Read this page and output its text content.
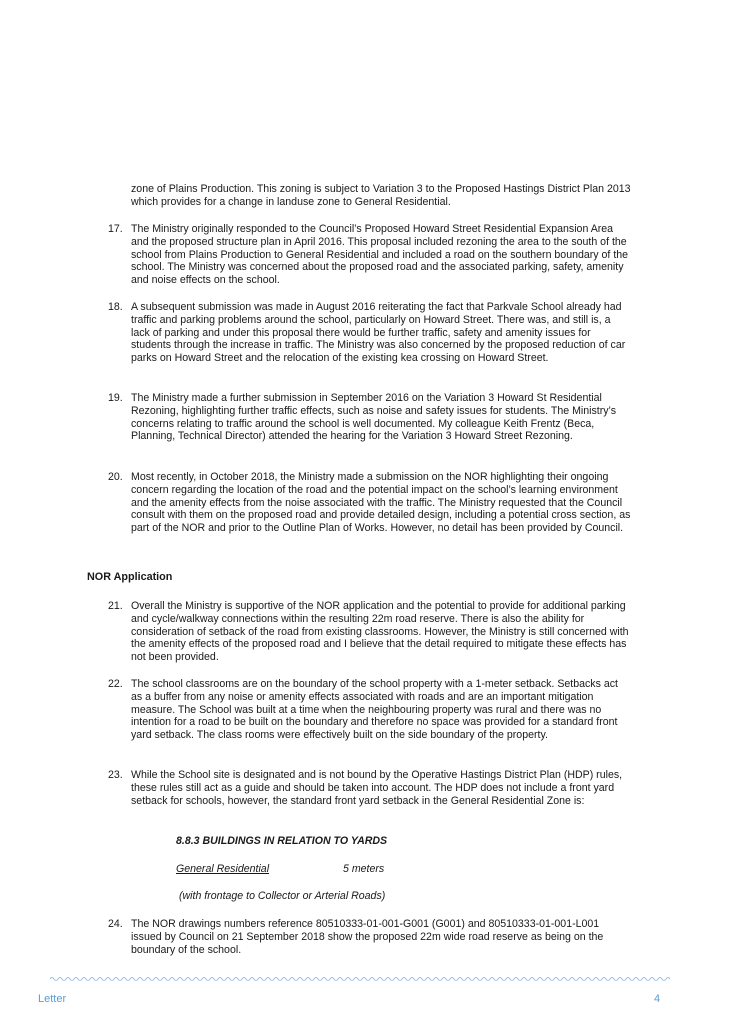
zone of Plains Production. This zoning is subject to Variation 3 to the Proposed Hastings District Plan 2013 which provides for a change in landuse zone to General Residential.

17. The Ministry originally responded to the Council’s Proposed Howard Street Residential Expansion Area and the proposed structure plan in April 2016. This proposal included rezoning the area to the south of the school from Plains Production to General Residential and included a road on the southern boundary of the school. The Ministry was concerned about the proposed road and the associated parking, safety, amenity and noise effects on the school.

18. A subsequent submission was made in August 2016 reiterating the fact that Parkvale School already had traffic and parking problems around the school, particularly on Howard Street. There was, and still is, a lack of parking and under this proposal there would be further traffic, safety and amenity issues for students through the increase in traffic. The Ministry was also concerned by the proposed reduction of car parks on Howard Street and the relocation of the existing kea crossing on Howard Street.

19. The Ministry made a further submission in September 2016 on the Variation 3 Howard St Residential Rezoning, highlighting further traffic effects, such as noise and safety issues for students. The Ministry’s concerns relating to traffic around the school is well documented. My colleague Keith Frentz (Beca, Planning, Technical Director) attended the hearing for the Variation 3 Howard Street Rezoning.

20. Most recently, in October 2018, the Ministry made a submission on the NOR highlighting their ongoing concern regarding the location of the road and the potential impact on the school’s learning environment and the amenity effects from the noise associated with the traffic. The Ministry requested that the Council consult with them on the proposed road and provide detailed design, including a potential cross section, as part of the NOR and prior to the Outline Plan of Works. However, no detail has been provided by Council.

NOR Application
21. Overall the Ministry is supportive of the NOR application and the potential to provide for additional parking and cycle/walkway connections within the resulting 22m road reserve. There is also the ability for consideration of setback of the road from existing classrooms. However, the Ministry is still concerned with the amenity effects of the proposed road and I believe that the detail required to mitigate these effects has not been provided.

22. The school classrooms are on the boundary of the school property with a 1-meter setback. Setbacks act as a buffer from any noise or amenity effects associated with roads and are an important mitigation measure. The School was built at a time when the neighbouring property was rural and there was no intention for a road to be built on the boundary and therefore no space was provided for a standard front yard setback. The class rooms were effectively built on the side boundary of the property.

23. While the School site is designated and is not bound by the Operative Hastings District Plan (HDP) rules, these rules still act as a guide and should be taken into account. The HDP does not include a front yard setback for schools, however, the standard front yard setback in the General Residential Zone is:

8.8.3 BUILDINGS IN RELATION TO YARDS
General Residential	5 meters
(with frontage to Collector or Arterial Roads)
24. The NOR drawings numbers reference 80510333-01-001-G001 (G001) and 80510333-01-001-L001 issued by Council on 21 September 2018 show the proposed 22m wide road reserve as being on the boundary of the school.

Letter	4
